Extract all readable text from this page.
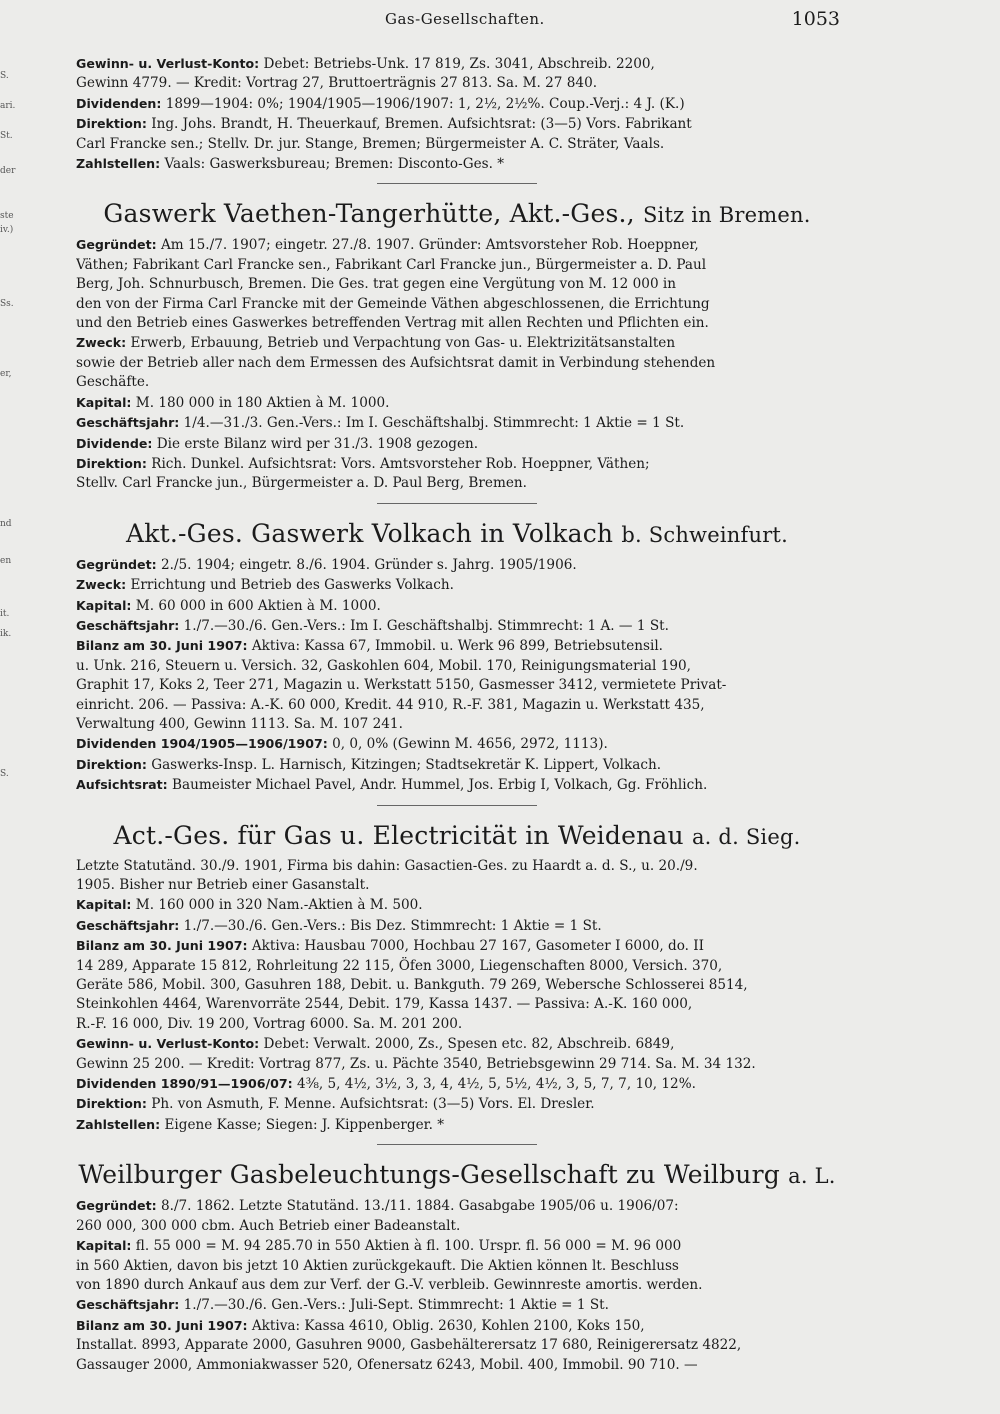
Gas-Gesellschaften.	1053
S.
ari.
St.
der
ste
iv.)
Ss.
er,
nd
en
it.
ik.
S.
Gewinn- u. Verlust-Konto: Debet: Betriebs-Unk. 17 819, Zs. 3041, Abschreib. 2200,
Gewinn 4779. — Kredit: Vortrag 27, Bruttoerträgnis 27 813. Sa. M. 27 840.
Dividenden: 1899—1904: 0%; 1904/1905—1906/1907: 1, 2½, 2½%. Coup.-Verj.: 4 J. (K.)
Direktion: Ing. Johs. Brandt, H. Theuerkauf, Bremen. Aufsichtsrat: (3—5) Vors. Fabrikant
Carl Francke sen.; Stellv. Dr. jur. Stange, Bremen; Bürgermeister A. C. Sträter, Vaals.
Zahlstellen: Vaals: Gaswerksbureau; Bremen: Disconto-Ges. *
Gaswerk Vaethen-Tangerhütte, Akt.-Ges., Sitz in Bremen.
Gegründet: Am 15./7. 1907; eingetr. 27./8. 1907. Gründer: Amtsvorsteher Rob. Hoeppner,
Väthen; Fabrikant Carl Francke sen., Fabrikant Carl Francke jun., Bürgermeister a. D. Paul
Berg, Joh. Schnurbusch, Bremen. Die Ges. trat gegen eine Vergütung von M. 12 000 in
den von der Firma Carl Francke mit der Gemeinde Väthen abgeschlossenen, die Errichtung
und den Betrieb eines Gaswerkes betreffenden Vertrag mit allen Rechten und Pflichten ein.
Zweck: Erwerb, Erbauung, Betrieb und Verpachtung von Gas- u. Elektrizitätsanstalten
sowie der Betrieb aller nach dem Ermessen des Aufsichtsrat damit in Verbindung stehenden
Geschäfte.
Kapital: M. 180 000 in 180 Aktien à M. 1000.
Geschäftsjahr: 1/4.—31./3. Gen.-Vers.: Im I. Geschäftshalbj. Stimmrecht: 1 Aktie = 1 St.
Dividende: Die erste Bilanz wird per 31./3. 1908 gezogen.
Direktion: Rich. Dunkel. Aufsichtsrat: Vors. Amtsvorsteher Rob. Hoeppner, Väthen;
Stellv. Carl Francke jun., Bürgermeister a. D. Paul Berg, Bremen.
Akt.-Ges. Gaswerk Volkach in Volkach b. Schweinfurt.
Gegründet: 2./5. 1904; eingetr. 8./6. 1904. Gründer s. Jahrg. 1905/1906.
Zweck: Errichtung und Betrieb des Gaswerks Volkach.
Kapital: M. 60 000 in 600 Aktien à M. 1000.
Geschäftsjahr: 1./7.—30./6. Gen.-Vers.: Im I. Geschäftshalbj. Stimmrecht: 1 A. — 1 St.
Bilanz am 30. Juni 1907: Aktiva: Kassa 67, Immobil. u. Werk 96 899, Betriebsutensil.
u. Unk. 216, Steuern u. Versich. 32, Gaskohlen 604, Mobil. 170, Reinigungsmaterial 190,
Graphit 17, Koks 2, Teer 271, Magazin u. Werkstatt 5150, Gasmesser 3412, vermietete Privat-
einricht. 206. — Passiva: A.-K. 60 000, Kredit. 44 910, R.-F. 381, Magazin u. Werkstatt 435,
Verwaltung 400, Gewinn 1113. Sa. M. 107 241.
Dividenden 1904/1905—1906/1907: 0, 0, 0% (Gewinn M. 4656, 2972, 1113).
Direktion: Gaswerks-Insp. L. Harnisch, Kitzingen; Stadtsekretär K. Lippert, Volkach.
Aufsichtsrat: Baumeister Michael Pavel, Andr. Hummel, Jos. Erbig I, Volkach, Gg. Fröhlich.
Act.-Ges. für Gas u. Electricität in Weidenau a. d. Sieg.
Letzte Statutänd. 30./9. 1901, Firma bis dahin: Gasactien-Ges. zu Haardt a. d. S., u. 20./9.
1905. Bisher nur Betrieb einer Gasanstalt.
Kapital: M. 160 000 in 320 Nam.-Aktien à M. 500.
Geschäftsjahr: 1./7.—30./6. Gen.-Vers.: Bis Dez. Stimmrecht: 1 Aktie = 1 St.
Bilanz am 30. Juni 1907: Aktiva: Hausbau 7000, Hochbau 27 167, Gasometer I 6000, do. II
14 289, Apparate 15 812, Rohrleitung 22 115, Öfen 3000, Liegenschaften 8000, Versich. 370,
Geräte 586, Mobil. 300, Gasuhren 188, Debit. u. Bankguth. 79 269, Webersche Schlosserei 8514,
Steinkohlen 4464, Warenvorräte 2544, Debit. 179, Kassa 1437. — Passiva: A.-K. 160 000,
R.-F. 16 000, Div. 19 200, Vortrag 6000. Sa. M. 201 200.
Gewinn- u. Verlust-Konto: Debet: Verwalt. 2000, Zs., Spesen etc. 82, Abschreib. 6849,
Gewinn 25 200. — Kredit: Vortrag 877, Zs. u. Pächte 3540, Betriebsgewinn 29 714. Sa. M. 34 132.
Dividenden 1890/91—1906/07: 4⅜, 5, 4½, 3½, 3, 3, 4, 4½, 5, 5½, 4½, 3, 5, 7, 7, 10, 12%.
Direktion: Ph. von Asmuth, F. Menne. Aufsichtsrat: (3—5) Vors. El. Dresler.
Zahlstellen: Eigene Kasse; Siegen: J. Kippenberger. *
Weilburger Gasbeleuchtungs-Gesellschaft zu Weilburg a. L.
Gegründet: 8./7. 1862. Letzte Statutänd. 13./11. 1884. Gasabgabe 1905/06 u. 1906/07:
260 000, 300 000 cbm. Auch Betrieb einer Badeanstalt.
Kapital: fl. 55 000 = M. 94 285.70 in 550 Aktien à fl. 100. Urspr. fl. 56 000 = M. 96 000
in 560 Aktien, davon bis jetzt 10 Aktien zurückgekauft. Die Aktien können lt. Beschluss
von 1890 durch Ankauf aus dem zur Verf. der G.-V. verbleib. Gewinnreste amortis. werden.
Geschäftsjahr: 1./7.—30./6. Gen.-Vers.: Juli-Sept. Stimmrecht: 1 Aktie = 1 St.
Bilanz am 30. Juni 1907: Aktiva: Kassa 4610, Oblig. 2630, Kohlen 2100, Koks 150,
Installat. 8993, Apparate 2000, Gasuhren 9000, Gasbehälterersatz 17 680, Reinigerersatz 4822,
Gassauger 2000, Ammoniakwasser 520, Ofenersatz 6243, Mobil. 400, Immobil. 90 710. —
